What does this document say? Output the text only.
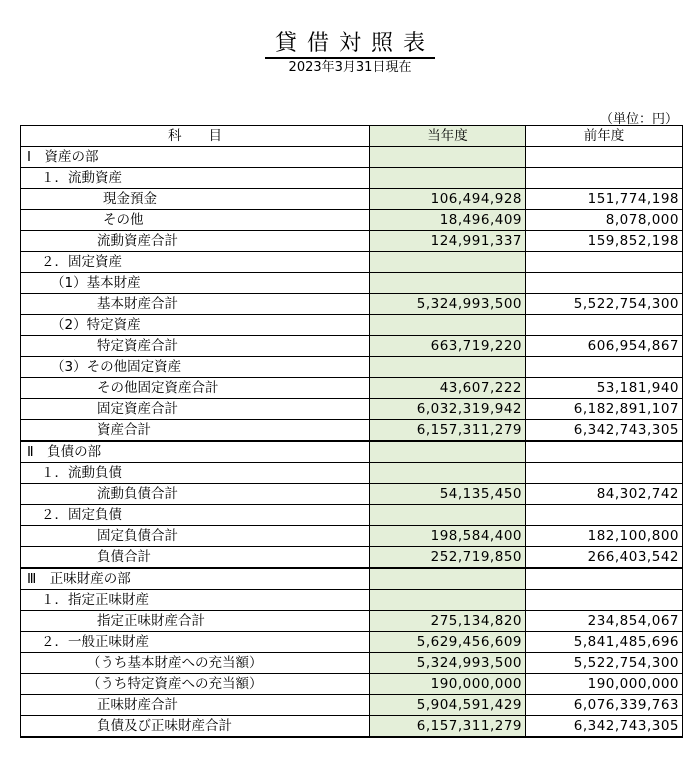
貸借対照表
2023年3月31日現在
（単位：円）
科　　目	当年度	前年度
Ⅰ　資産の部		
１．流動資産		
現金預金	106,494,928	151,774,198
その他	18,496,409	8,078,000
流動資産合計	124,991,337	159,852,198
２．固定資産		
（1）基本財産		
基本財産合計	5,324,993,500	5,522,754,300
（2）特定資産		
特定資産合計	663,719,220	606,954,867
（3）その他固定資産		
その他固定資産合計	43,607,222	53,181,940
固定資産合計	6,032,319,942	6,182,891,107
資産合計	6,157,311,279	6,342,743,305
Ⅱ　負債の部		
１．流動負債		
流動負債合計	54,135,450	84,302,742
２．固定負債		
固定負債合計	198,584,400	182,100,800
負債合計	252,719,850	266,403,542
Ⅲ　正味財産の部		
１．指定正味財産		
指定正味財産合計	275,134,820	234,854,067
２．一般正味財産	5,629,456,609	5,841,485,696
（うち基本財産への充当額）	5,324,993,500	5,522,754,300
（うち特定資産への充当額）	190,000,000	190,000,000
正味財産合計	5,904,591,429	6,076,339,763
負債及び正味財産合計	6,157,311,279	6,342,743,305
